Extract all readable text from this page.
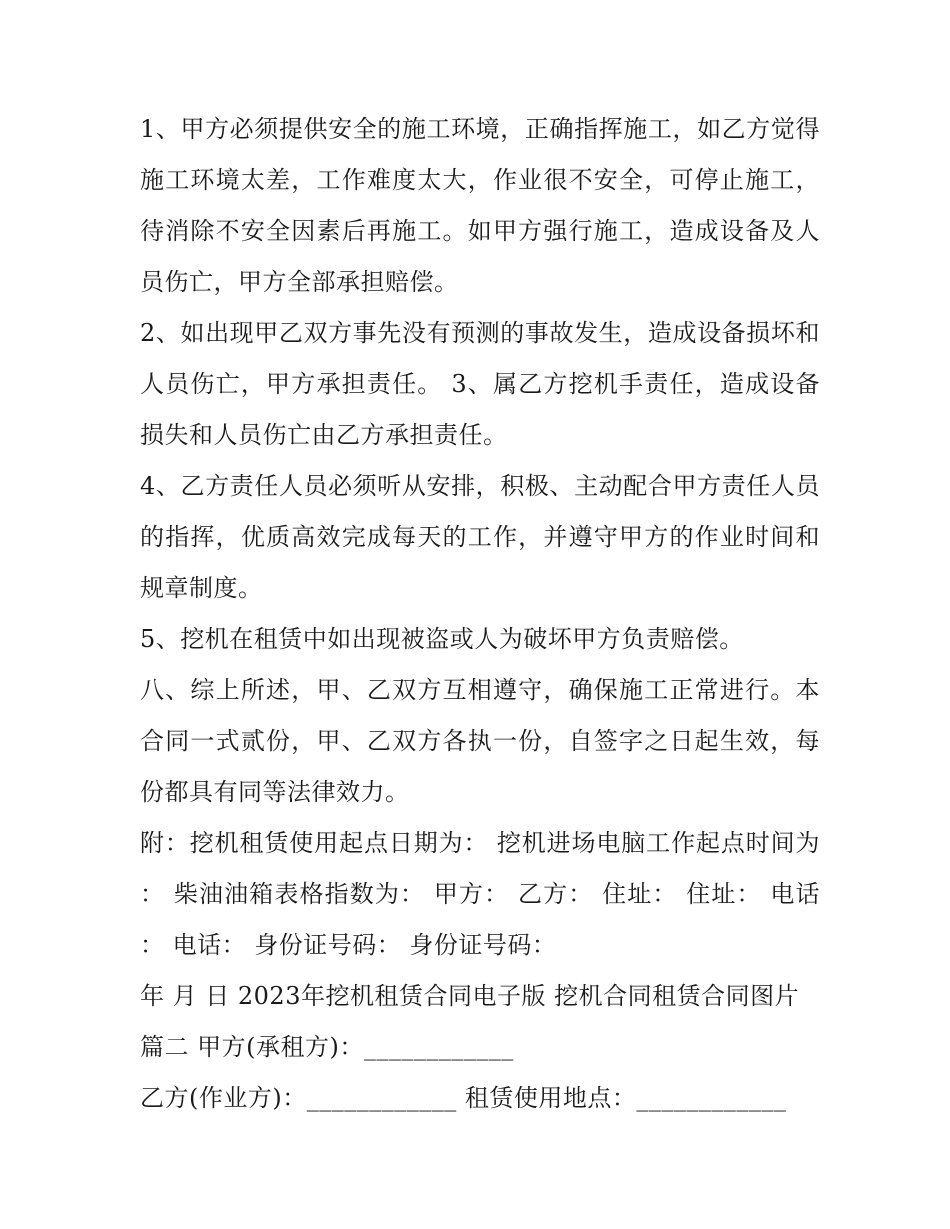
1、甲方必须提供安全的施工环境，正确指挥施工，如乙方觉得施工环境太差，工作难度太大，作业很不安全，可停止施工，待消除不安全因素后再施工。如甲方强行施工，造成设备及人员伤亡，甲方全部承担赔偿。

2、如出现甲乙双方事先没有预测的事故发生，造成设备损坏和人员伤亡，甲方承担责任。 3、属乙方挖机手责任，造成设备损失和人员伤亡由乙方承担责任。

4、乙方责任人员必须听从安排，积极、主动配合甲方责任人员的指挥，优质高效完成每天的工作，并遵守甲方的作业时间和规章制度。

5、挖机在租赁中如出现被盗或人为破坏甲方负责赔偿。

八、综上所述，甲、乙双方互相遵守，确保施工正常进行。本合同一式贰份，甲、乙双方各执一份，自签字之日起生效，每份都具有同等法律效力。

附：挖机租赁使用起点日期为： 挖机进场电脑工作起点时间为： 柴油油箱表格指数为： 甲方： 乙方： 住址： 住址： 电话： 电话： 身份证号码： 身份证号码：

年 月 日 2023年挖机租赁合同电子版 挖机合同租赁合同图片

篇二 甲方(承租方)：____________

乙方(作业方)：____________ 租赁使用地点：____________
